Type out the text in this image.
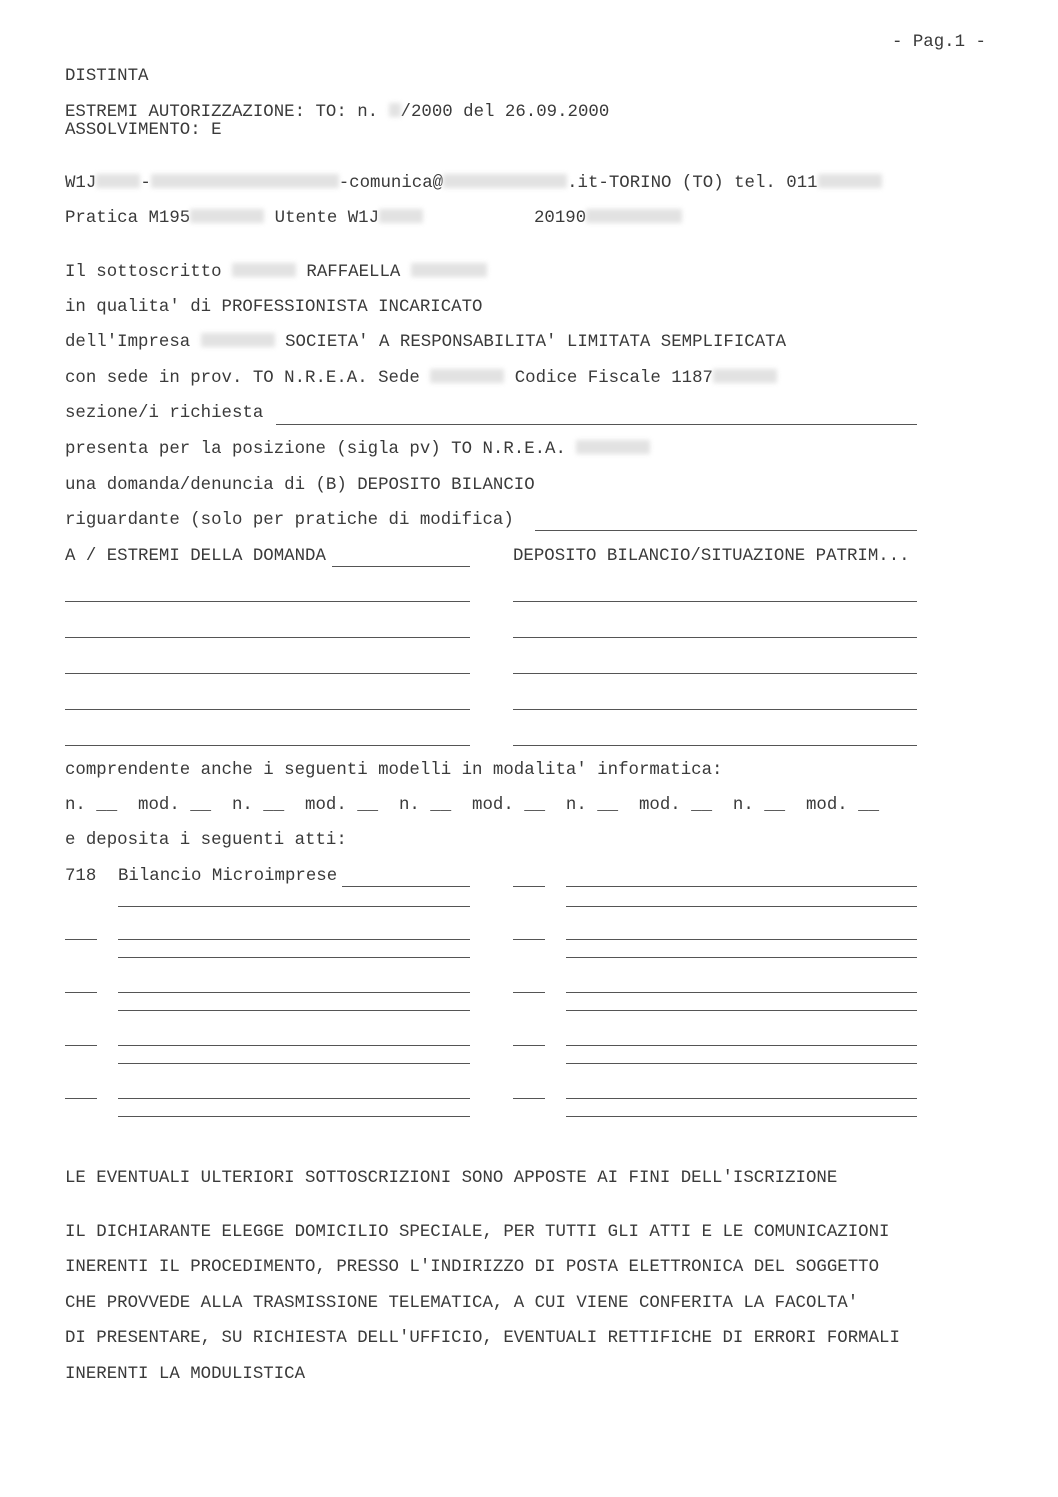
- Pag.1 -
DISTINTA
ESTREMI AUTORIZZAZIONE: TO: n. /2000 del 26.09.2000
ASSOLVIMENTO: E
W1J	-	-comunica@	.it-TORINO (TO) tel. 011
Pratica M195	Utente W1J	20190
Il sottoscritto	RAFFAELLA
in qualita' di PROFESSIONISTA INCARICATO
dell'Impresa	SOCIETA' A RESPONSABILITA' LIMITATA SEMPLIFICATA
con sede in prov. TO N.R.E.A. Sede	Codice Fiscale 1187
sezione/i richiesta
presenta per la posizione (sigla pv) TO N.R.E.A.
una domanda/denuncia di (B) DEPOSITO BILANCIO
riguardante (solo per pratiche di modifica)
A / ESTREMI DELLA DOMANDA	DEPOSITO BILANCIO/SITUAZIONE PATRIM...
comprendente anche i seguenti modelli in modalita' informatica:
n. __  mod. __  n. __  mod. __  n. __  mod. __  n. __  mod. __  n. __  mod. __
e deposita i seguenti atti:
718 Bilancio Microimprese
LE EVENTUALI ULTERIORI SOTTOSCRIZIONI SONO APPOSTE AI FINI DELL'ISCRIZIONE
IL DICHIARANTE ELEGGE DOMICILIO SPECIALE, PER TUTTI GLI ATTI E LE COMUNICAZIONI
INERENTI IL PROCEDIMENTO, PRESSO L'INDIRIZZO DI POSTA ELETTRONICA DEL SOGGETTO
CHE PROVVEDE ALLA TRASMISSIONE TELEMATICA, A CUI VIENE CONFERITA LA FACOLTA'
DI PRESENTARE, SU RICHIESTA DELL'UFFICIO, EVENTUALI RETTIFICHE DI ERRORI FORMALI
INERENTI LA MODULISTICA
